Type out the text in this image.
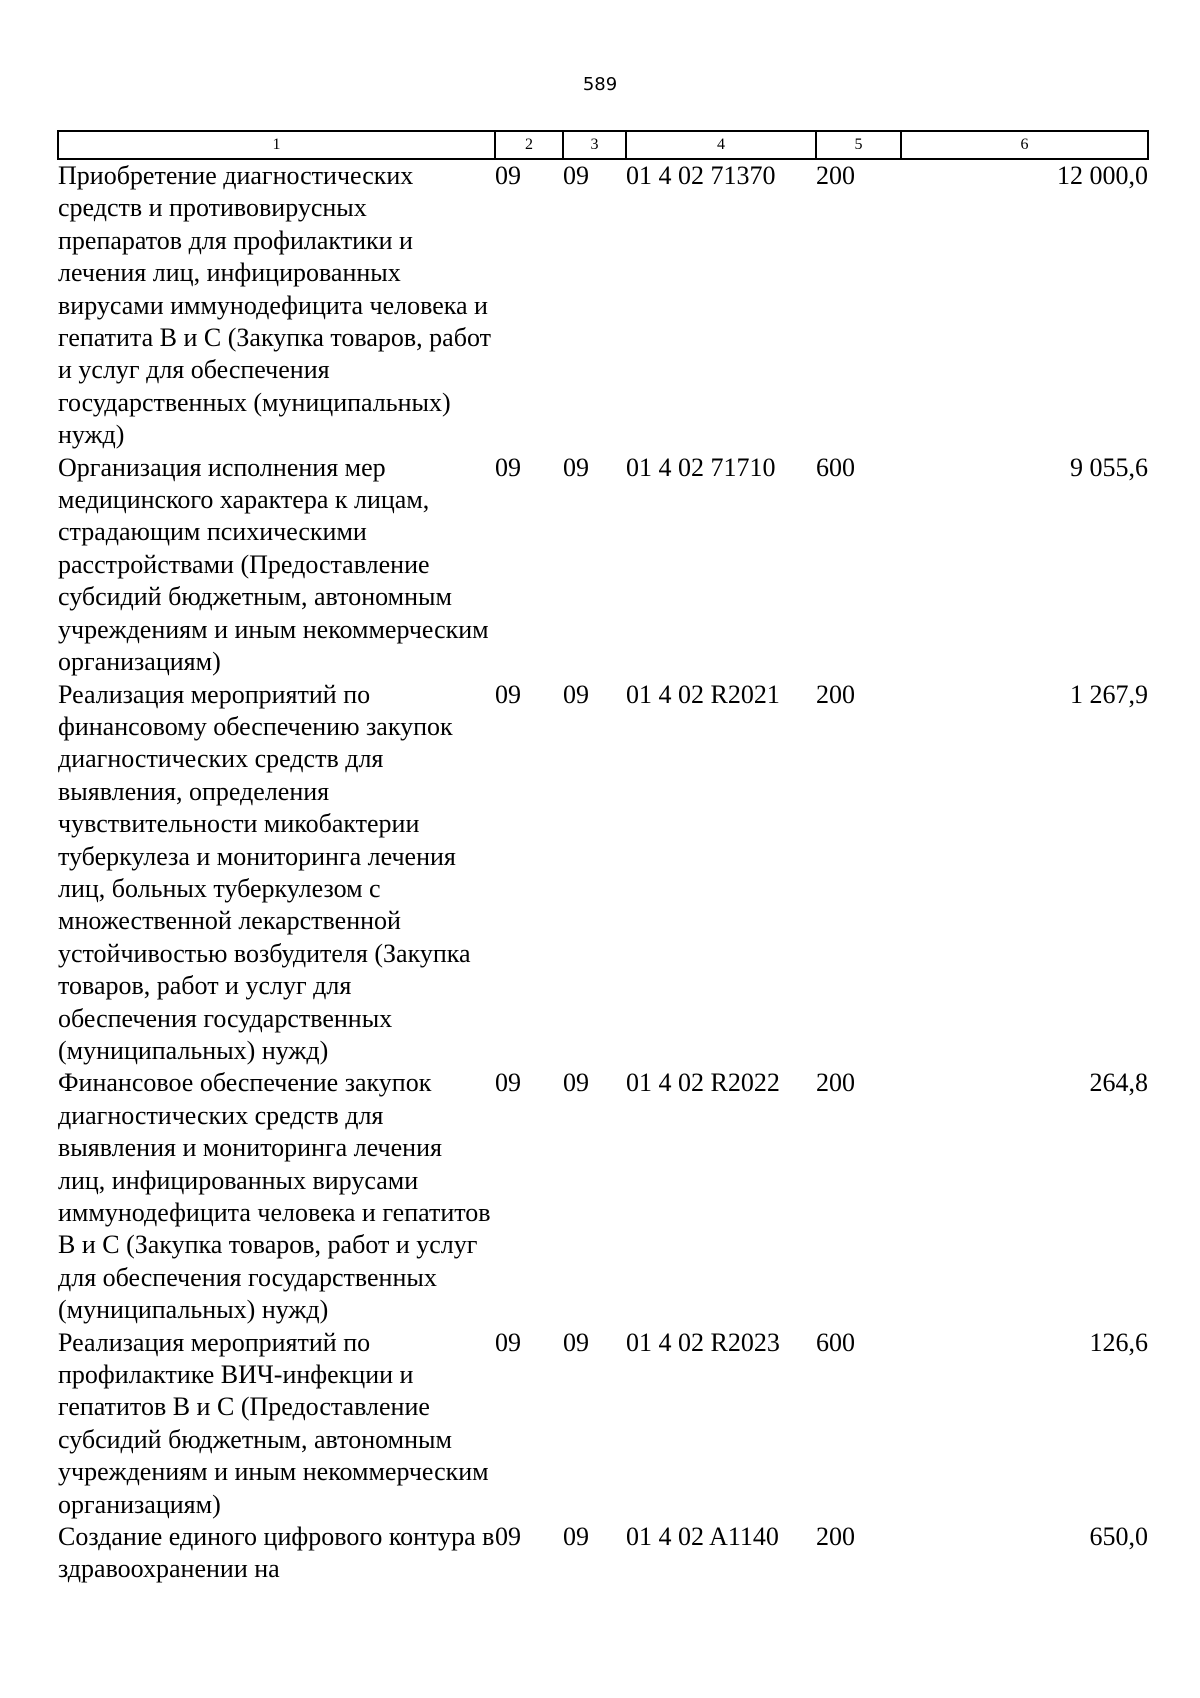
589
1	2	3	4	5	6
Приобретение диагностических средств и противовирусных препаратов для профилактики и лечения лиц, инфицированных вирусами иммунодефицита человека и гепатита В и С (Закупка товаров, работ и услуг для обеспечения государственных (муниципальных) нужд)	09	09	01 4 02 71370	200	12 000,0
Организация исполнения мер медицинского характера к лицам, страдающим психическими расстройствами (Предоставление субсидий бюджетным, автономным учреждениям и иным некоммерческим организациям)	09	09	01 4 02 71710	600	9 055,6
Реализация мероприятий по финансовому обеспечению закупок диагностических средств для выявления, определения чувствительности микобактерии туберкулеза и мониторинга лечения лиц, больных туберкулезом с множественной лекарственной устойчивостью возбудителя (Закупка товаров, работ и услуг для обеспечения государственных (муниципальных) нужд)	09	09	01 4 02 R2021	200	1 267,9
Финансовое обеспечение закупок диагностических средств для выявления и мониторинга лечения лиц, инфицированных вирусами иммунодефицита человека и гепатитов В и С (Закупка товаров, работ и услуг для обеспечения государственных (муниципальных) нужд)	09	09	01 4 02 R2022	200	264,8
Реализация мероприятий по профилактике ВИЧ-инфекции и гепатитов В и С (Предоставление субсидий бюджетным, автономным учреждениям и иным некоммерческим организациям)	09	09	01 4 02 R2023	600	126,6
Создание единого цифрового контура в здравоохранении на	09	09	01 4 02 A1140	200	650,0
